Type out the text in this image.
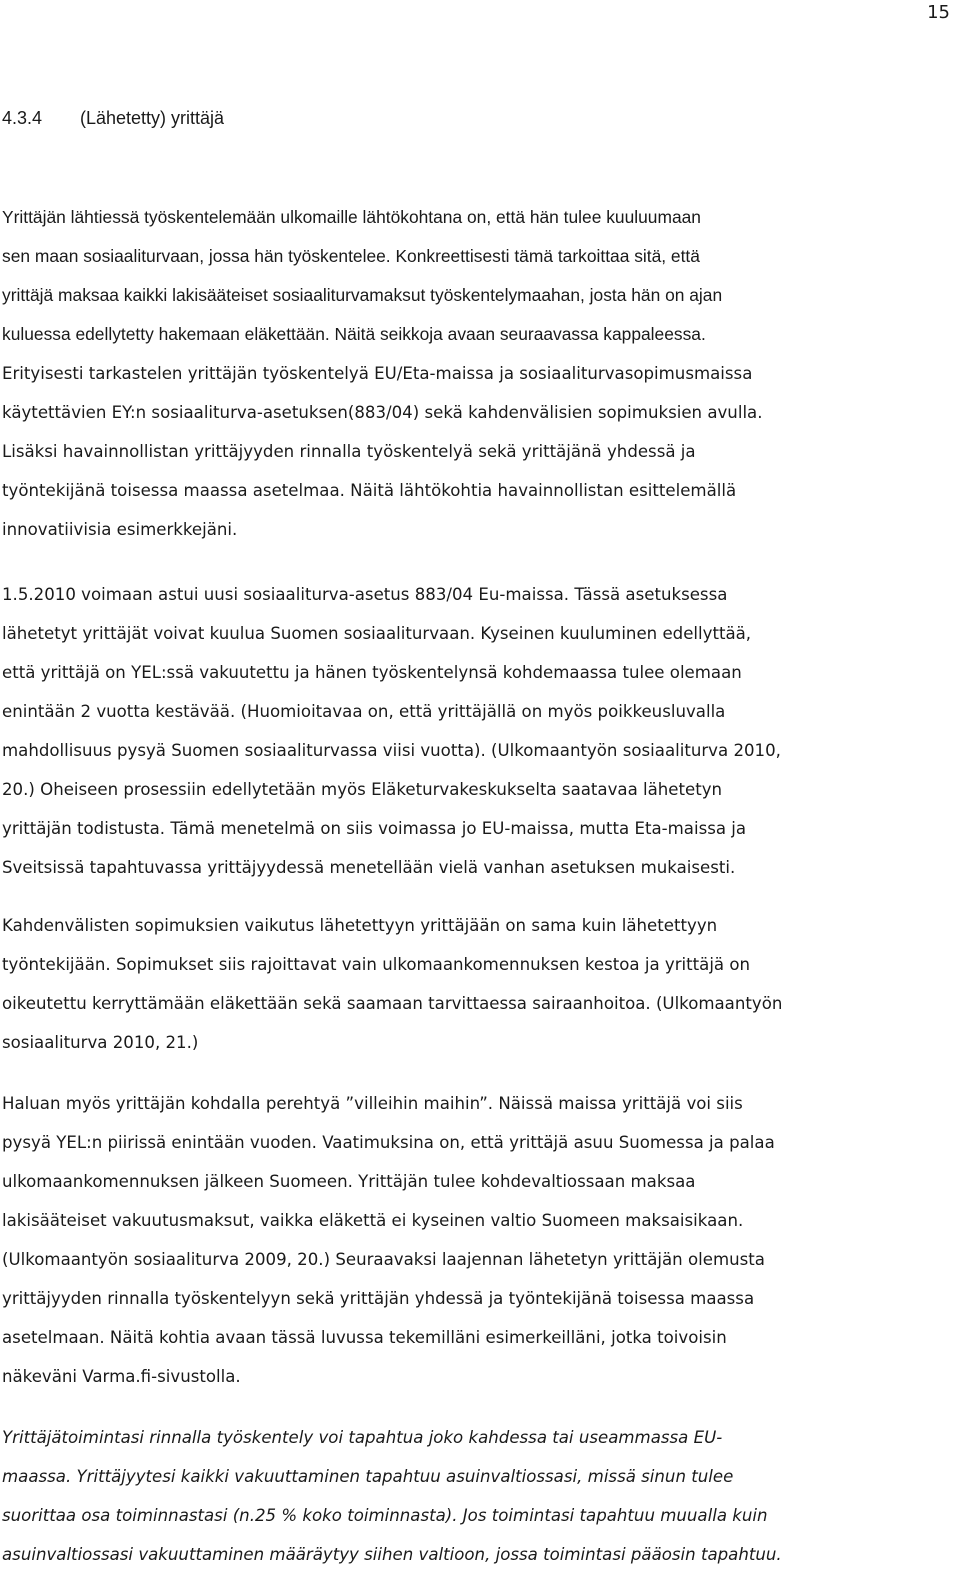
15
4.3.4 (Lähetetty) yrittäjä
Yrittäjän lähtiessä työskentelemään ulkomaille lähtökohtana on, että hän tulee kuuluumaan
sen maan sosiaaliturvaan, jossa hän työskentelee. Konkreettisesti tämä tarkoittaa sitä, että
yrittäjä maksaa kaikki lakisääteiset sosiaaliturvamaksut työskentelymaahan, josta hän on ajan
kuluessa edellytetty hakemaan eläkettään. Näitä seikkoja avaan seuraavassa kappaleessa.
Erityisesti tarkastelen yrittäjän työskentelyä EU/Eta-maissa ja sosiaaliturvasopimusmaissa
käytettävien EY:n sosiaaliturva-asetuksen(883/04) sekä kahdenvälisien sopimuksien avulla.
Lisäksi havainnollistan yrittäjyyden rinnalla työskentelyä sekä yrittäjänä yhdessä ja
työntekijänä toisessa maassa asetelmaa. Näitä lähtökohtia havainnollistan esittelemällä
innovatiivisia esimerkkejäni.
1.5.2010 voimaan astui uusi sosiaaliturva-asetus 883/04 Eu-maissa. Tässä asetuksessa
lähetetyt yrittäjät voivat kuulua Suomen sosiaaliturvaan. Kyseinen kuuluminen edellyttää,
että yrittäjä on YEL:ssä vakuutettu ja hänen työskentelynsä kohdemaassa tulee olemaan
enintään 2 vuotta kestävää. (Huomioitavaa on, että yrittäjällä on myös poikkeusluvalla
mahdollisuus pysyä Suomen sosiaaliturvassa viisi vuotta). (Ulkomaantyön sosiaaliturva 2010,
20.) Oheiseen prosessiin edellytetään myös Eläketurvakeskukselta saatavaa lähetetyn
yrittäjän todistusta. Tämä menetelmä on siis voimassa jo EU-maissa, mutta Eta-maissa ja
Sveitsissä tapahtuvassa yrittäjyydessä menetellään vielä vanhan asetuksen mukaisesti.
Kahdenvälisten sopimuksien vaikutus lähetettyyn yrittäjään on sama kuin lähetettyyn
työntekijään. Sopimukset siis rajoittavat vain ulkomaankomennuksen kestoa ja yrittäjä on
oikeutettu kerryttämään eläkettään sekä saamaan tarvittaessa sairaanhoitoa. (Ulkomaantyön
sosiaaliturva 2010, 21.)
Haluan myös yrittäjän kohdalla perehtyä ”villeihin maihin”. Näissä maissa yrittäjä voi siis
pysyä YEL:n piirissä enintään vuoden. Vaatimuksina on, että yrittäjä asuu Suomessa ja palaa
ulkomaankomennuksen jälkeen Suomeen. Yrittäjän tulee kohdevaltiossaan maksaa
lakisääteiset vakuutusmaksut, vaikka eläkettä ei kyseinen valtio Suomeen maksaisikaan.
(Ulkomaantyön sosiaaliturva 2009, 20.) Seuraavaksi laajennan lähetetyn yrittäjän olemusta
yrittäjyyden rinnalla työskentelyyn sekä yrittäjän yhdessä ja työntekijänä toisessa maassa
asetelmaan. Näitä kohtia avaan tässä luvussa tekemilläni esimerkeilläni, jotka toivoisin
näkeväni Varma.fi-sivustolla.
Yrittäjätoimintasi rinnalla työskentely voi tapahtua joko kahdessa tai useammassa EU-
maassa. Yrittäjyytesi kaikki vakuuttaminen tapahtuu asuinvaltiossasi, missä sinun tulee
suorittaa osa toiminnastasi (n.25 % koko toiminnasta). Jos toimintasi tapahtuu muualla kuin
asuinvaltiossasi vakuuttaminen määräytyy siihen valtioon, jossa toimintasi pääosin tapahtuu.
